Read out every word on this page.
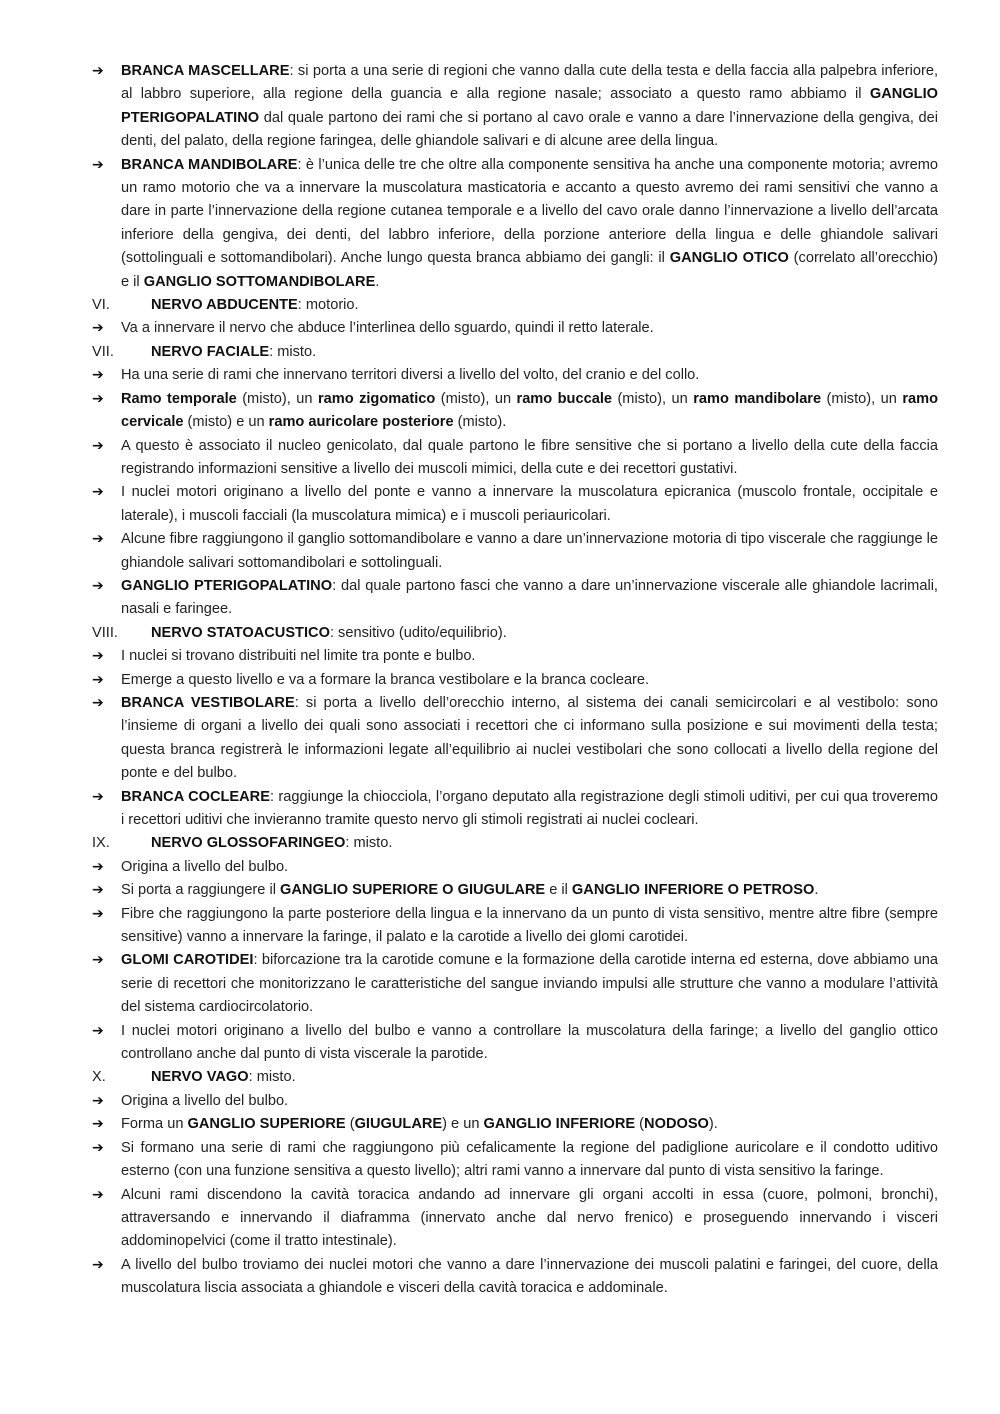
➔ BRANCA MASCELLARE: si porta a una serie di regioni che vanno dalla cute della testa e della faccia alla palpebra inferiore, al labbro superiore, alla regione della guancia e alla regione nasale; associato a questo ramo abbiamo il GANGLIO PTERIGOPALATINO dal quale partono dei rami che si portano al cavo orale e vanno a dare l’innervazione della gengiva, dei denti, del palato, della regione faringea, delle ghiandole salivari e di alcune aree della lingua.
➔ BRANCA MANDIBOLARE: è l’unica delle tre che oltre alla componente sensitiva ha anche una componente motoria; avremo un ramo motorio che va a innervare la muscolatura masticatoria e accanto a questo avremo dei rami sensitivi che vanno a dare in parte l’innervazione della regione cutanea temporale e a livello del cavo orale danno l’innervazione a livello dell’arcata inferiore della gengiva, dei denti, del labbro inferiore, della porzione anteriore della lingua e delle ghiandole salivari (sottolinguali e sottomandibolari). Anche lungo questa branca abbiamo dei gangli: il GANGLIO OTICO (correlato all’orecchio) e il GANGLIO SOTTOMANDIBOLARE.
VI.	NERVO ABDUCENTE: motorio.
➔ Va a innervare il nervo che abduce l’interlinea dello sguardo, quindi il retto laterale.
VII.	NERVO FACIALE: misto.
➔ Ha una serie di rami che innervano territori diversi a livello del volto, del cranio e del collo.
➔ Ramo temporale (misto), un ramo zigomatico (misto), un ramo buccale (misto), un ramo mandibolare (misto), un ramo cervicale (misto) e un ramo auricolare posteriore (misto).
➔ A questo è associato il nucleo genicolato, dal quale partono le fibre sensitive che si portano a livello della cute della faccia registrando informazioni sensitive a livello dei muscoli mimici, della cute e dei recettori gustativi.
➔ I nuclei motori originano a livello del ponte e vanno a innervare la muscolatura epicranica (muscolo frontale, occipitale e laterale), i muscoli facciali (la muscolatura mimica) e i muscoli periauricolari.
➔ Alcune fibre raggiungono il ganglio sottomandibolare e vanno a dare un’innervazione motoria di tipo viscerale che raggiunge le ghiandole salivari sottomandibolari e sottolinguali.
➔ GANGLIO PTERIGOPALATINO: dal quale partono fasci che vanno a dare un’innervazione viscerale alle ghiandole lacrimali, nasali e faringee.
VIII. NERVO STATOACUSTICO: sensitivo (udito/equilibrio).
➔ I nuclei si trovano distribuiti nel limite tra ponte e bulbo.
➔ Emerge a questo livello e va a formare la branca vestibolare e la branca cocleare.
➔ BRANCA VESTIBOLARE: si porta a livello dell’orecchio interno, al sistema dei canali semicircolari e al vestibolo: sono l’insieme di organi a livello dei quali sono associati i recettori che ci informano sulla posizione e sui movimenti della testa; questa branca registrerà le informazioni legate all’equilibrio ai nuclei vestibolari che sono collocati a livello della regione del ponte e del bulbo.
➔ BRANCA COCLEARE: raggiunge la chiocciola, l’organo deputato alla registrazione degli stimoli uditivi, per cui qua troveremo i recettori uditivi che invieranno tramite questo nervo gli stimoli registrati ai nuclei cocleari.
IX.	NERVO GLOSSOFARINGEO: misto.
➔ Origina a livello del bulbo.
➔ Si porta a raggiungere il GANGLIO SUPERIORE O GIUGULARE e il GANGLIO INFERIORE O PETROSO.
➔ Fibre che raggiungono la parte posteriore della lingua e la innervano da un punto di vista sensitivo, mentre altre fibre (sempre sensitive) vanno a innervare la faringe, il palato e la carotide a livello dei glomi carotidei.
➔ GLOMI CAROTIDEI: biforcazione tra la carotide comune e la formazione della carotide interna ed esterna, dove abbiamo una serie di recettori che monitorizzano le caratteristiche del sangue inviando impulsi alle strutture che vanno a modulare l’attività del sistema cardiocircolatorio.
➔ I nuclei motori originano a livello del bulbo e vanno a controllare la muscolatura della faringe; a livello del ganglio ottico controllano anche dal punto di vista viscerale la parotide.
X.	NERVO VAGO: misto.
➔ Origina a livello del bulbo.
➔ Forma un GANGLIO SUPERIORE (GIUGULARE) e un GANGLIO INFERIORE (NODOSO).
➔ Si formano una serie di rami che raggiungono più cefalicamente la regione del padiglione auricolare e il condotto uditivo esterno (con una funzione sensitiva a questo livello); altri rami vanno a innervare dal punto di vista sensitivo la faringe.
➔ Alcuni rami discendono la cavità toracica andando ad innervare gli organi accolti in essa (cuore, polmoni, bronchi), attraversando e innervando il diaframma (innervato anche dal nervo frenico) e proseguendo innervando i visceri addominopelvici (come il tratto intestinale).
➔ A livello del bulbo troviamo dei nuclei motori che vanno a dare l’innervazione dei muscoli palatini e faringei, del cuore, della muscolatura liscia associata a ghiandole e visceri della cavità toracica e addominale.
